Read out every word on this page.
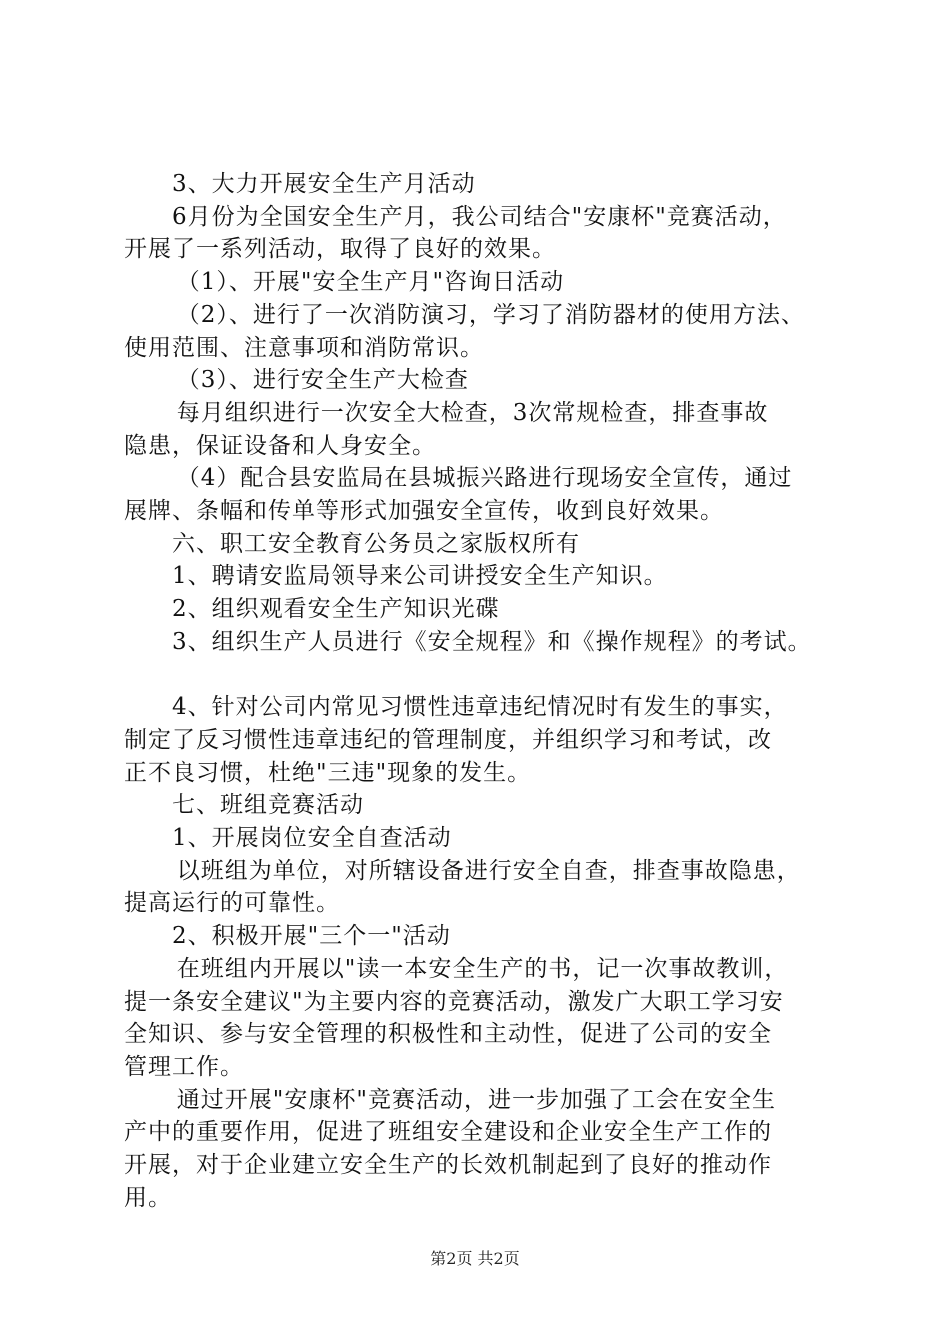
3、大力开展安全生产月活动
6月份为全国安全生产月，我公司结合"安康杯"竞赛活动，
开展了一系列活动，取得了良好的效果。
（1）、开展"安全生产月"咨询日活动
（2）、进行了一次消防演习，学习了消防器材的使用方法、
使用范围、注意事项和消防常识。
（3）、进行安全生产大检查
每月组织进行一次安全大检查，3次常规检查，排查事故
隐患，保证设备和人身安全。
（4）配合县安监局在县城振兴路进行现场安全宣传，通过
展牌、条幅和传单等形式加强安全宣传，收到良好效果。
六、职工安全教育公务员之家版权所有
1、聘请安监局领导来公司讲授安全生产知识。
2、组织观看安全生产知识光碟
3、组织生产人员进行《安全规程》和《操作规程》的考试。
4、针对公司内常见习惯性违章违纪情况时有发生的事实，
制定了反习惯性违章违纪的管理制度，并组织学习和考试，改
正不良习惯，杜绝"三违"现象的发生。
七、班组竞赛活动
1、开展岗位安全自查活动
以班组为单位，对所辖设备进行安全自查，排查事故隐患，
提高运行的可靠性。
2、积极开展"三个一"活动
在班组内开展以"读一本安全生产的书，记一次事故教训，
提一条安全建议"为主要内容的竞赛活动，激发广大职工学习安
全知识、参与安全管理的积极性和主动性，促进了公司的安全
管理工作。
通过开展"安康杯"竞赛活动，进一步加强了工会在安全生
产中的重要作用，促进了班组安全建设和企业安全生产工作的
开展，对于企业建立安全生产的长效机制起到了良好的推动作
用。
第2页 共2页
